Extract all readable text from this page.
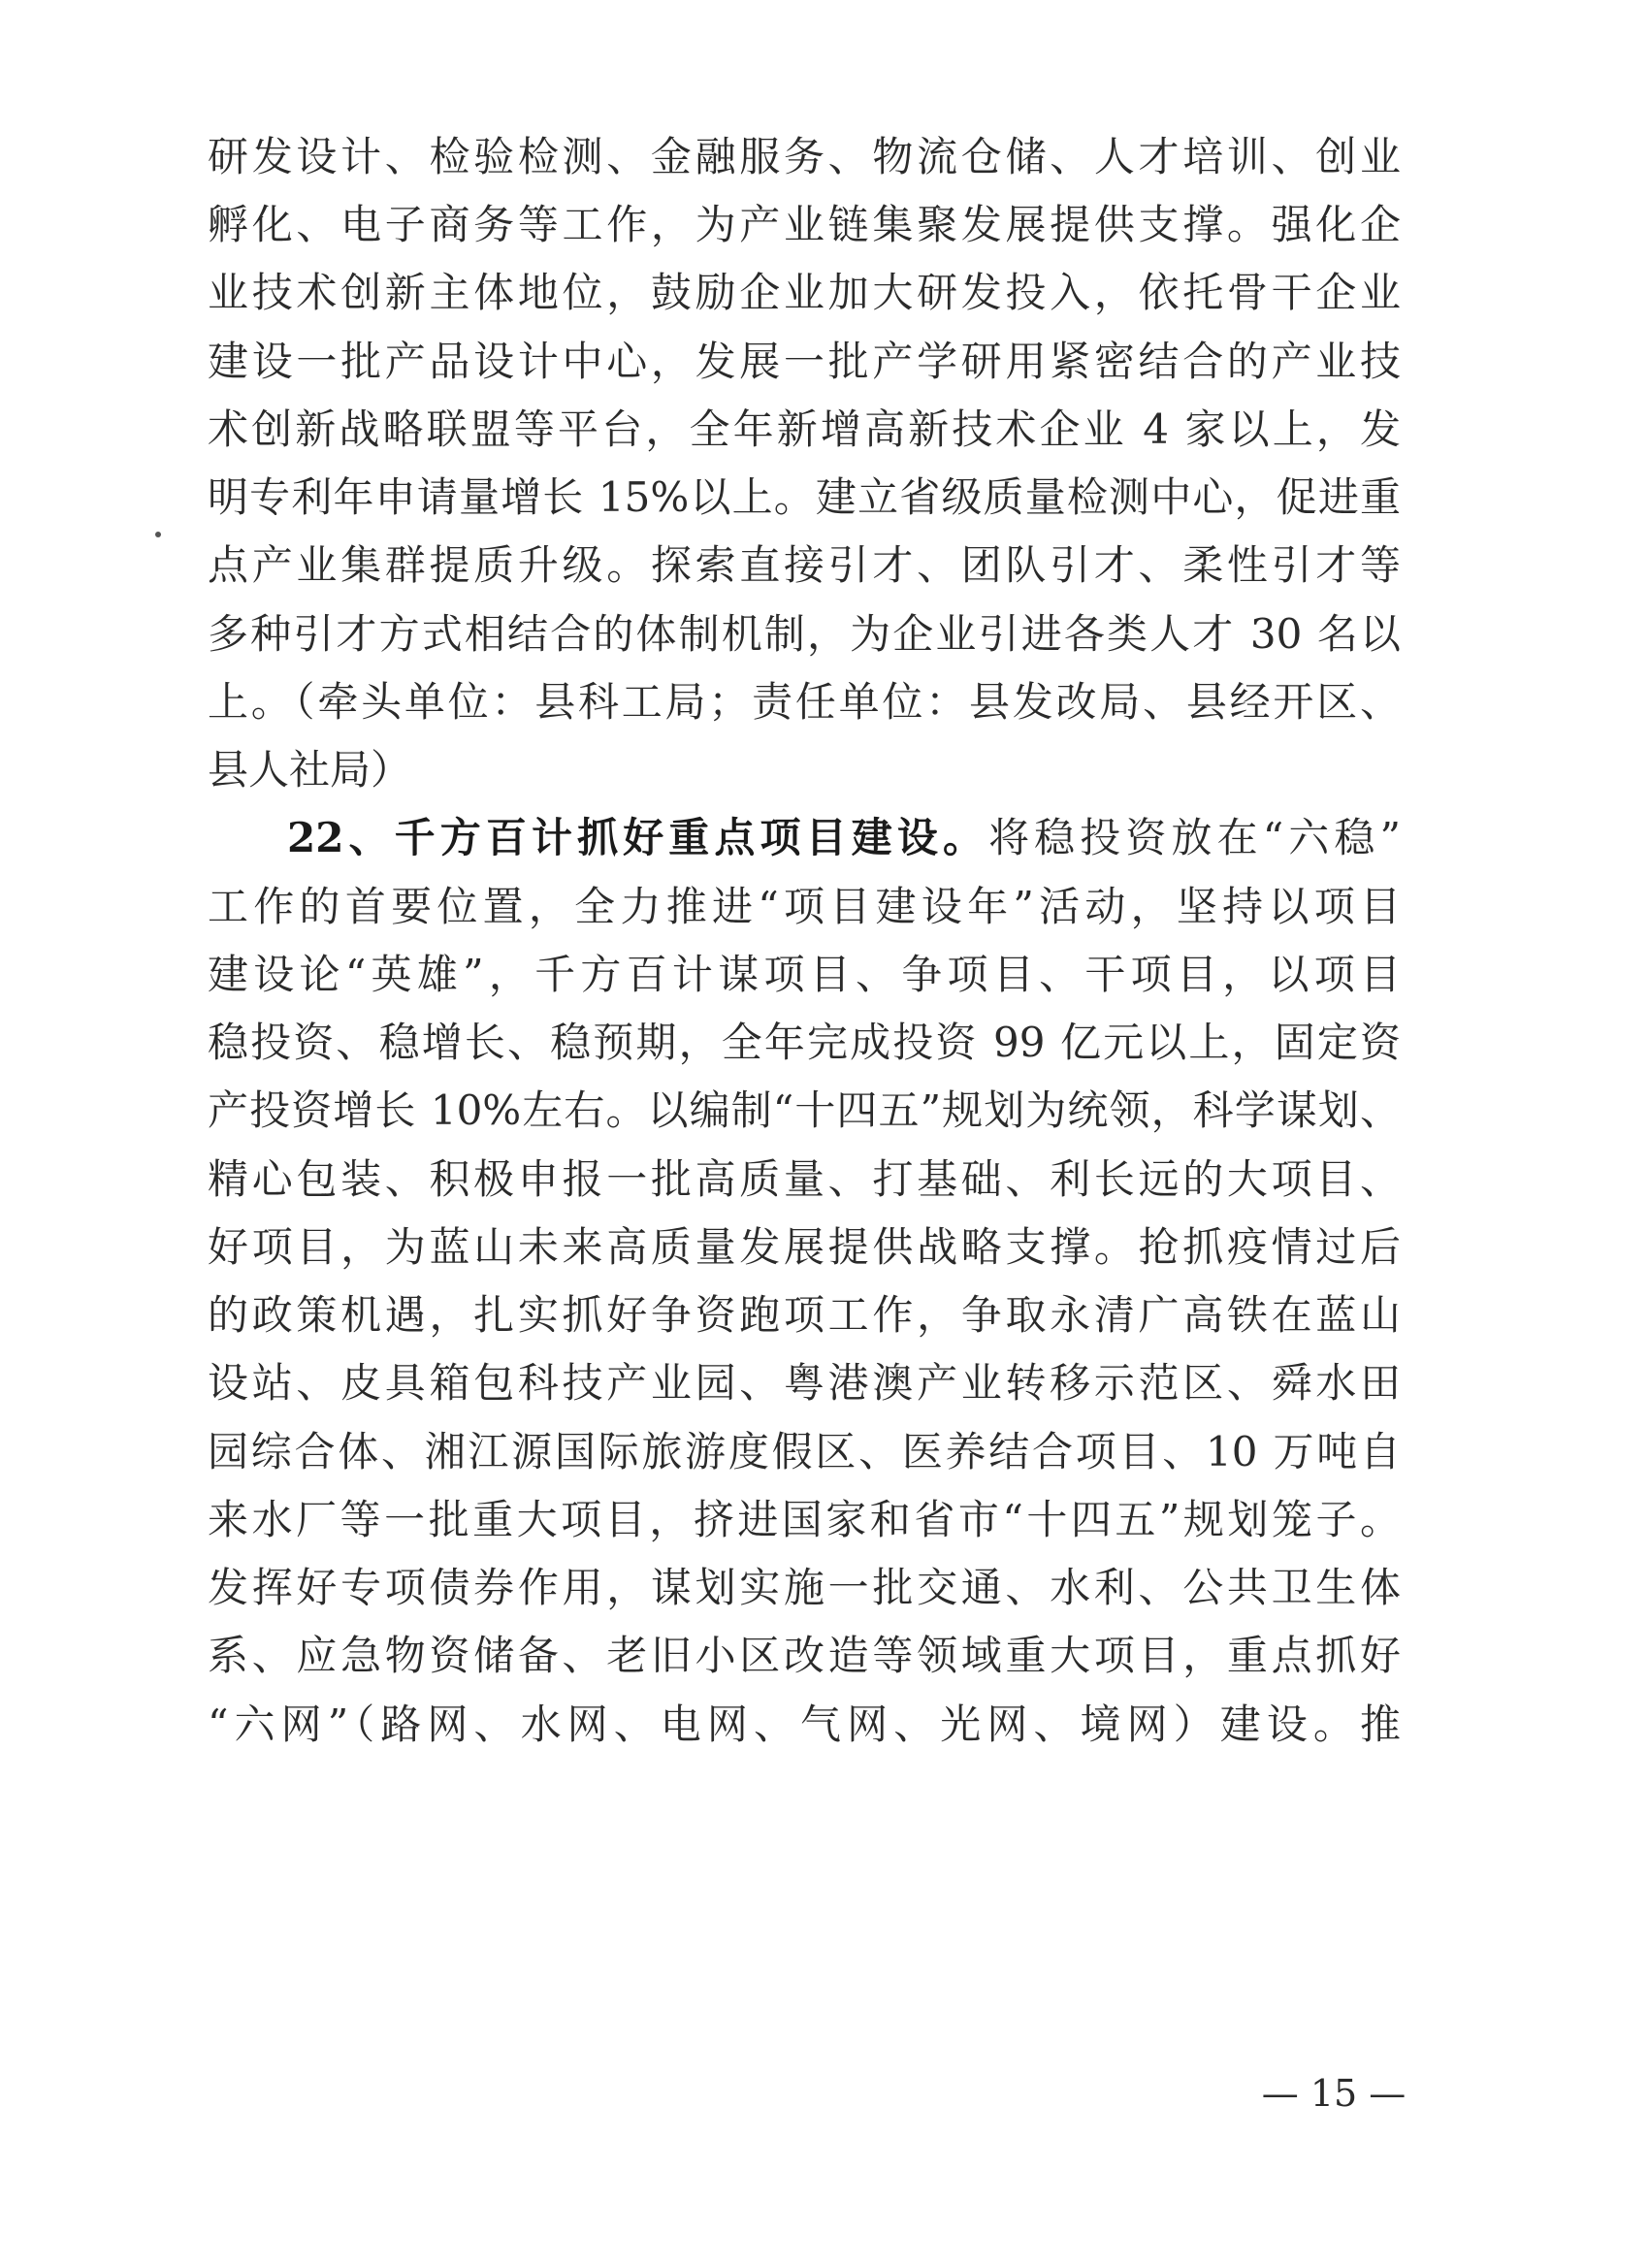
研发设计、检验检测、金融服务、物流仓储、人才培训、创业
孵化、电子商务等工作，为产业链集聚发展提供支撑。强化企
业技术创新主体地位，鼓励企业加大研发投入，依托骨干企业
建设一批产品设计中心，发展一批产学研用紧密结合的产业技
术创新战略联盟等平台，全年新增高新技术企业 4 家以上，发
明专利年申请量增长 15%以上。建立省级质量检测中心，促进重
点产业集群提质升级。探索直接引才、团队引才、柔性引才等
多种引才方式相结合的体制机制，为企业引进各类人才 30 名以
上。（牵头单位：县科工局；责任单位：县发改局、县经开区、
县人社局）
22、千方百计抓好重点项目建设。将稳投资放在“六稳”
工作的首要位置，全力推进“项目建设年”活动，坚持以项目
建设论“英雄”，千方百计谋项目、争项目、干项目，以项目
稳投资、稳增长、稳预期，全年完成投资 99 亿元以上，固定资
产投资增长 10%左右。以编制“十四五”规划为统领，科学谋划、
精心包装、积极申报一批高质量、打基础、利长远的大项目、
好项目，为蓝山未来高质量发展提供战略支撑。抢抓疫情过后
的政策机遇，扎实抓好争资跑项工作，争取永清广高铁在蓝山
设站、皮具箱包科技产业园、粤港澳产业转移示范区、舜水田
园综合体、湘江源国际旅游度假区、医养结合项目、10 万吨自
来水厂等一批重大项目，挤进国家和省市“十四五”规划笼子。
发挥好专项债券作用，谋划实施一批交通、水利、公共卫生体
系、应急物资储备、老旧小区改造等领域重大项目，重点抓好
“六网”（路网、水网、电网、气网、光网、境网）建设。推
— 15 —
